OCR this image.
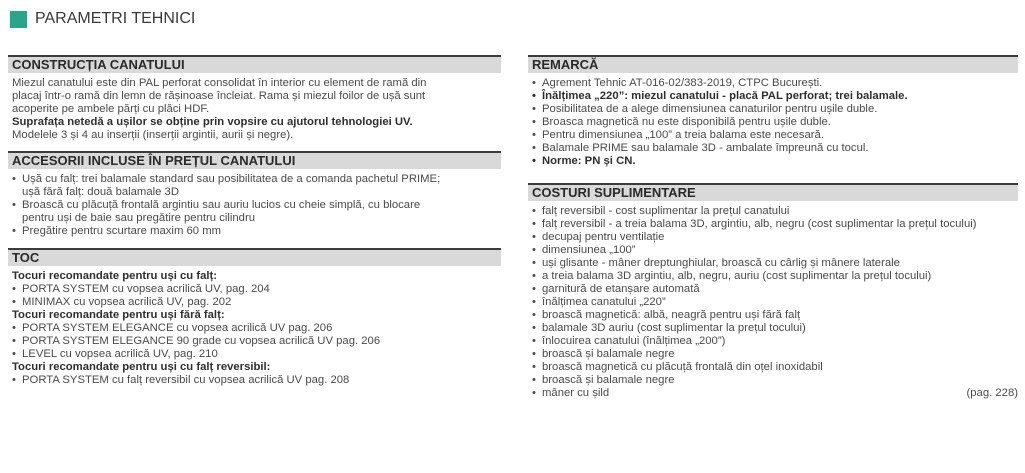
PARAMETRI TEHNICI
CONSTRUCȚIA CANATULUI

Miezul canatului este din PAL perforat consolidat în interior cu element de ramă din

placaj într-o ramă din lemn de rășinoase încleiat. Rama și miezul foilor de ușă sunt

acoperite pe ambele părți cu plăci HDF.

Suprafața netedă a ușilor se obține prin vopsire cu ajutorul tehnologiei UV.

Modelele 3 și 4 au inserții (inserții argintii, aurii și negre).

ACCESORII INCLUSE ÎN PREȚUL CANATULUI
• Ușă cu falț: trei balamale standard sau posibilitatea de a comanda pachetul PRIME;
ușă fără falț: două balamale 3D
• Broască cu plăcuță frontală argintiu sau auriu lucios cu cheie simplă, cu blocare
pentru uși de baie sau pregătire pentru cilindru
• Pregătire pentru scurtare maxim 60 mm
TOC
Tocuri recomandate pentru uși cu falț:
• PORTA SYSTEM cu vopsea acrilică UV, pag. 204
• MINIMAX cu vopsea acrilică UV, pag. 202
Tocuri recomandate pentru uși fără falț:
• PORTA SYSTEM ELEGANCE cu vopsea acrilică UV pag. 206
• PORTA SYSTEM ELEGANCE 90 grade cu vopsea acrilică UV pag. 206
• LEVEL cu vopsea acrilică UV, pag. 210
Tocuri recomandate pentru uși cu falț reversibil:
• PORTA SYSTEM cu falț reversibil cu vopsea acrilică UV pag. 208
REMARCĂ
• Agrement Tehnic AT-016-02/383-2019, CTPC București.
• Înălțimea „220”: miezul canatului - placă PAL perforat; trei balamale.
• Posibilitatea de a alege dimensiunea canaturilor pentru ușile duble.
• Broasca magnetică nu este disponibilă pentru ușile duble.
• Pentru dimensiunea „100” a treia balama este necesară.
• Balamale PRIME sau balamale 3D - ambalate împreună cu tocul.
• Norme: PN și CN.
COSTURI SUPLIMENTARE
• falț reversibil - cost suplimentar la prețul canatului
• falț reversibil - a treia balama 3D, argintiu, alb, negru (cost suplimentar la prețul tocului)
• decupaj pentru ventilație
• dimensiunea „100”
• uși glisante - mâner dreptunghiular, broască cu cârlig și mânere laterale
• a treia balama 3D argintiu, alb, negru, auriu (cost suplimentar la prețul tocului)
• garnitură de etanșare automată
• înălțimea canatului „220”
• broască magnetică: albă, neagră pentru uși fără falț
• balamale 3D auriu (cost suplimentar la prețul tocului)
• înlocuirea canatului (înălțimea „200”)
• broască și balamale negre
• broască magnetică cu plăcuță frontală din oțel inoxidabil
• broască și balamale negre
• mâner cu șild	(pag. 228)
